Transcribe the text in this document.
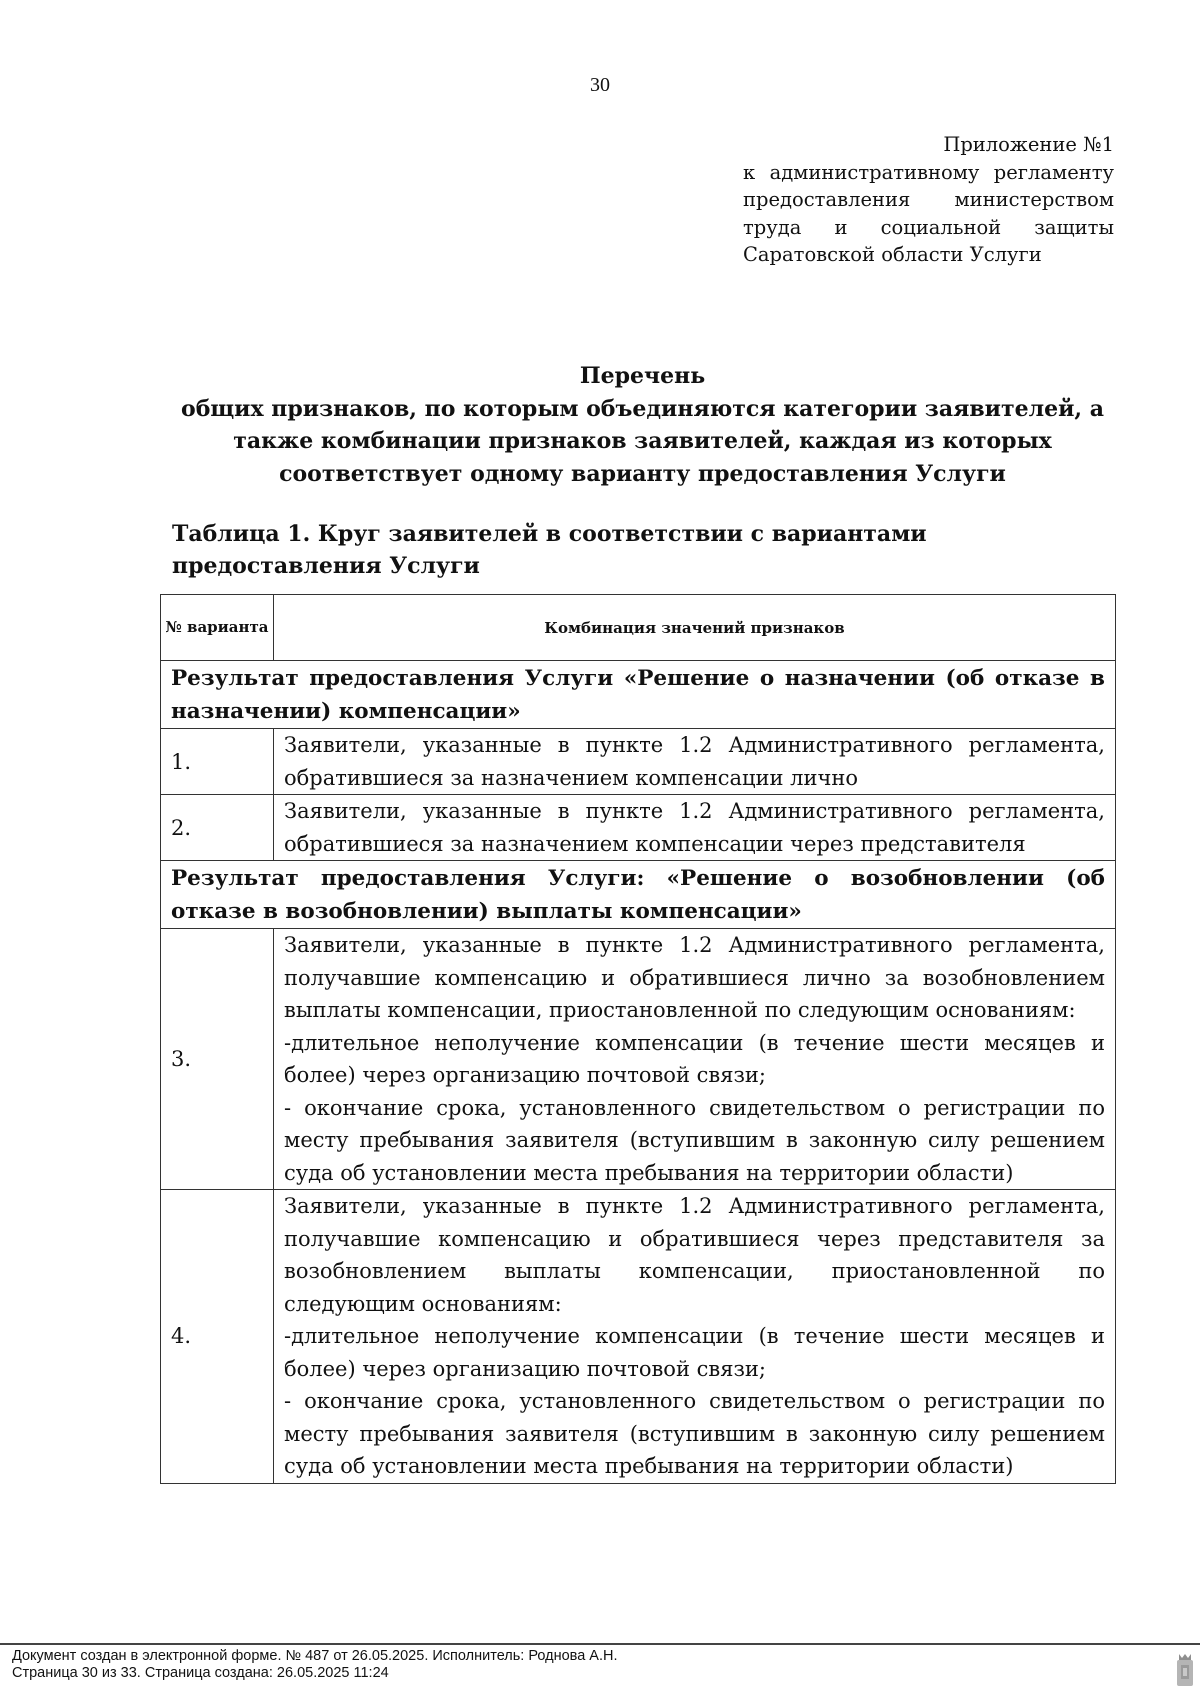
30
Приложение №1
к административному регламенту
предоставления министерством
труда и социальной защиты
Саратовской области Услуги
Перечень
общих признаков, по которым объединяются категории заявителей, а
также комбинации признаков заявителей, каждая из которых
соответствует одному варианту предоставления Услуги
Таблица 1. Круг заявителей в соответствии с вариантами предоставления Услуги
№ варианта	Комбинация значений признаков
Результат предоставления Услуги «Решение о назначении (об отказе в назначении) компенсации»	
1.	Заявители, указанные в пункте 1.2 Административного регламента, обратившиеся за назначением компенсации лично
2.	Заявители, указанные в пункте 1.2 Административного регламента, обратившиеся за назначением компенсации через представителя
Результат предоставления Услуги: «Решение о возобновлении (об отказе в возобновлении) выплаты компенсации»	
3.	Заявители, указанные в пункте 1.2 Административного регламента, получавшие компенсацию и обратившиеся лично за возобновлением выплаты компенсации, приостановленной по следующим основаниям:

-длительное неполучение компенсации (в течение шести месяцев и более) через организацию почтовой связи;

- окончание срока, установленного свидетельством о регистрации по месту пребывания заявителя (вступившим в законную силу решением суда об установлении места пребывания на территории области)

4.	Заявители, указанные в пункте 1.2 Административного регламента, получавшие компенсацию и обратившиеся через представителя за возобновлением выплаты компенсации, приостановленной по следующим основаниям:

-длительное неполучение компенсации (в течение шести месяцев и более) через организацию почтовой связи;

- окончание срока, установленного свидетельством о регистрации по месту пребывания заявителя (вступившим в законную силу решением суда об установлении места пребывания на территории области)

Документ создан в электронной форме. № 487 от 26.05.2025. Исполнитель: Роднова А.Н.
Страница 30 из 33. Страница создана: 26.05.2025 11:24
